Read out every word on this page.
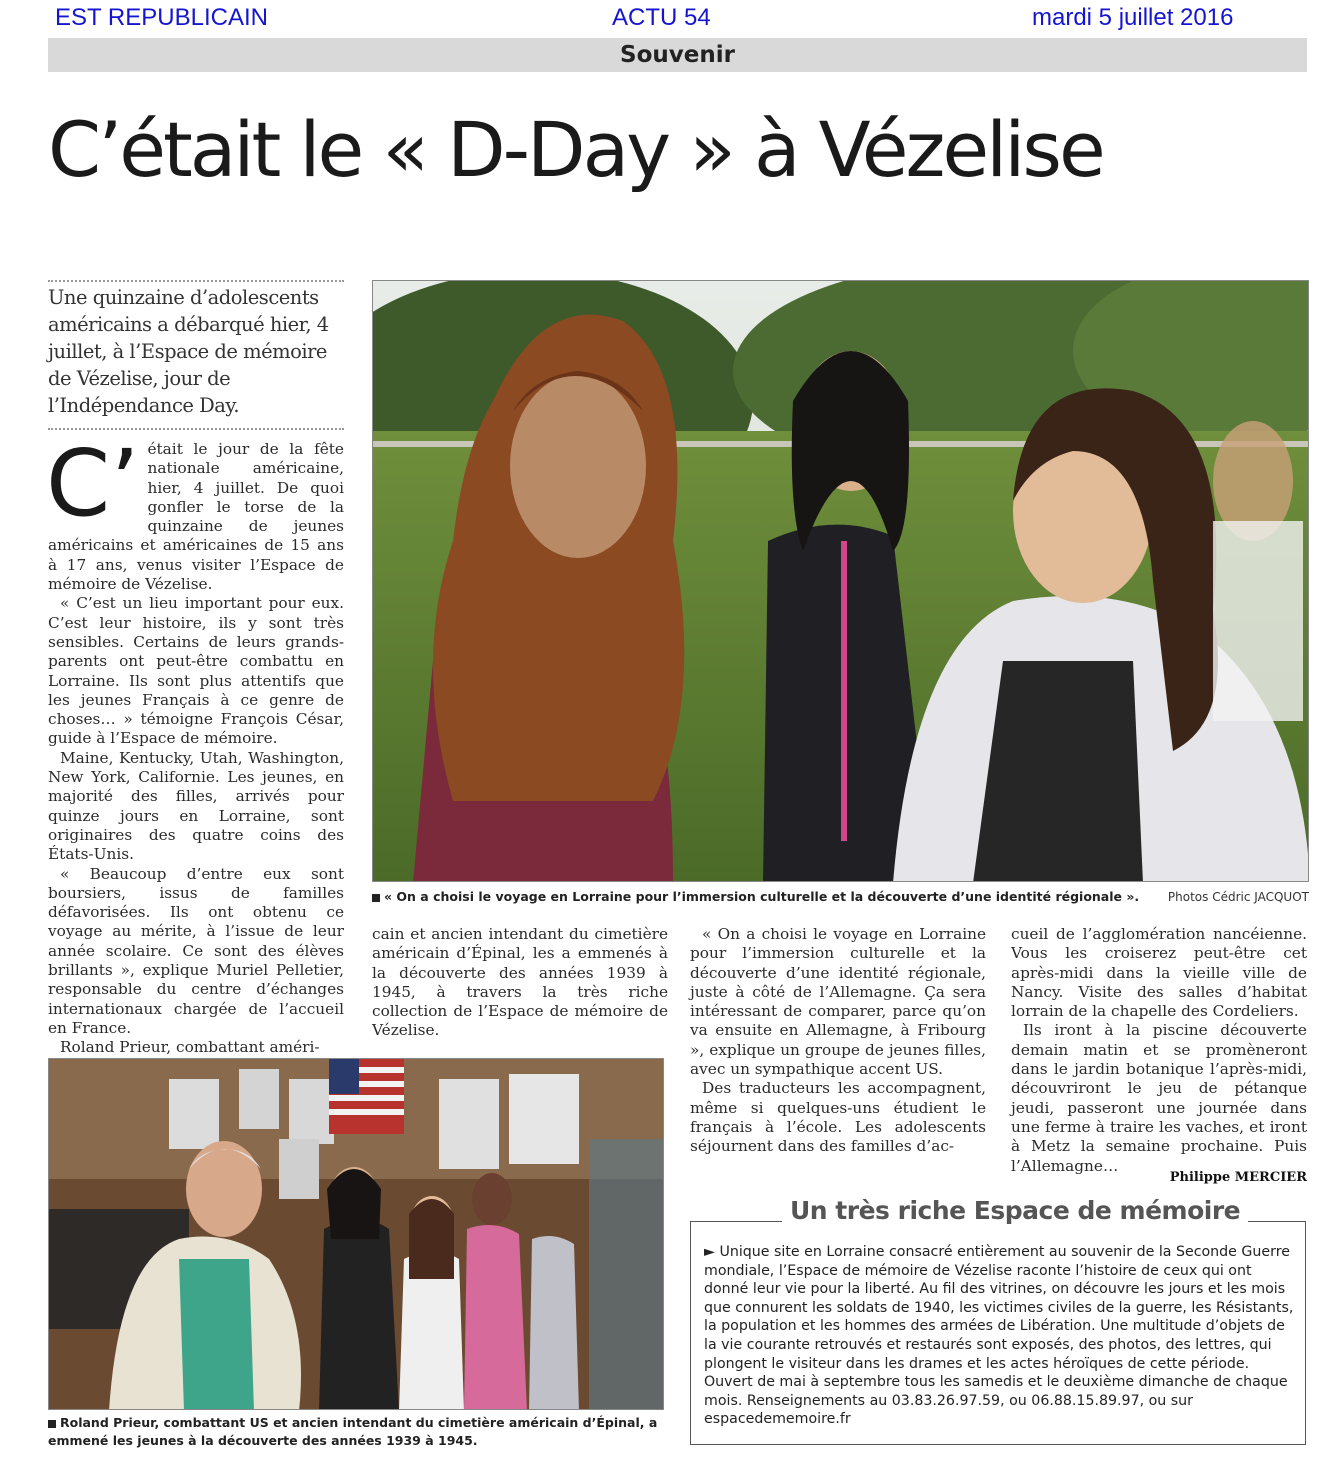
EST REPUBLICAIN	ACTU 54	mardi 5 juillet 2016
Souvenir
C’était le « D-Day » à Vézelise
Une quinzaine d’adolescents américains a débarqué hier, 4 juillet, à l’Espace de mémoire de Vézelise, jour de l’Indépendance Day.
C’ était le jour de la fête nationale américaine, hier, 4 juillet. De quoi gonfler le torse de la quinzaine de jeunes américains et américaines de 15 ans à 17 ans, venus visiter l’Espace de mémoire de Vézelise.

« C’est un lieu important pour eux. C’est leur histoire, ils y sont très sensibles. Certains de leurs grands-parents ont peut-être combattu en Lorraine. Ils sont plus attentifs que les jeunes Français à ce genre de choses… » témoigne François César, guide à l’Espace de mémoire.

Maine, Kentucky, Utah, Washington, New York, Californie. Les jeunes, en majorité des filles, arrivés pour quinze jours en Lorraine, sont originaires des quatre coins des États-Unis.

« Beaucoup d’entre eux sont boursiers, issus de familles défavorisées. Ils ont obtenu ce voyage au mérite, à l’issue de leur année scolaire. Ce sont des élèves brillants », explique Muriel Pelletier, responsable du centre d’échanges internationaux chargée de l’accueil en France.

Roland Prieur, combattant améri-

« On a choisi le voyage en Lorraine pour l’immersion culturelle et la découverte d’une identité régionale ». Photos Cédric JACQUOT

cain et ancien intendant du cimetière américain d’Épinal, les a emmenés à la découverte des années 1939 à 1945, à travers la très riche collection de l’Espace de mémoire de Vézelise.

« On a choisi le voyage en Lorraine pour l’immersion culturelle et la découverte d’une identité régionale, juste à côté de l’Allemagne. Ça sera intéressant de comparer, parce qu’on va ensuite en Allemagne, à Fribourg », explique un groupe de jeunes filles, avec un sympathique accent US.

Des traducteurs les accompagnent, même si quelques-uns étudient le français à l’école. Les adolescents séjournent dans des familles d’ac-

cueil de l’agglomération nancéienne. Vous les croiserez peut-être cet après-midi dans la vieille ville de Nancy. Visite des salles d’habitat lorrain de la chapelle des Cordeliers.

Ils iront à la piscine découverte demain matin et se promèneront dans le jardin botanique l’après-midi, découvriront le jeu de pétanque jeudi, passeront une journée dans une ferme à traire les vaches, et iront à Metz la semaine prochaine. Puis l’Allemagne…

Philippe MERCIER
Roland Prieur, combattant US et ancien intendant du cimetière américain d’Épinal, a emmené les jeunes à la découverte des années 1939 à 1945.
Un très riche Espace de mémoire
► Unique site en Lorraine consacré entièrement au souvenir de la Seconde Guerre mondiale, l’Espace de mémoire de Vézelise raconte l’histoire de ceux qui ont donné leur vie pour la liberté. Au fil des vitrines, on découvre les jours et les mois que connurent les soldats de 1940, les victimes civiles de la guerre, les Résistants, la population et les hommes des armées de Libération. Une multitude d’objets de la vie courante retrouvés et restaurés sont exposés, des photos, des lettres, qui plongent le visiteur dans les drames et les actes héroïques de cette période. Ouvert de mai à septembre tous les samedis et le deuxième dimanche de chaque mois. Renseignements au 03.83.26.97.59, ou 06.88.15.89.97, ou sur espacedememoire.fr
